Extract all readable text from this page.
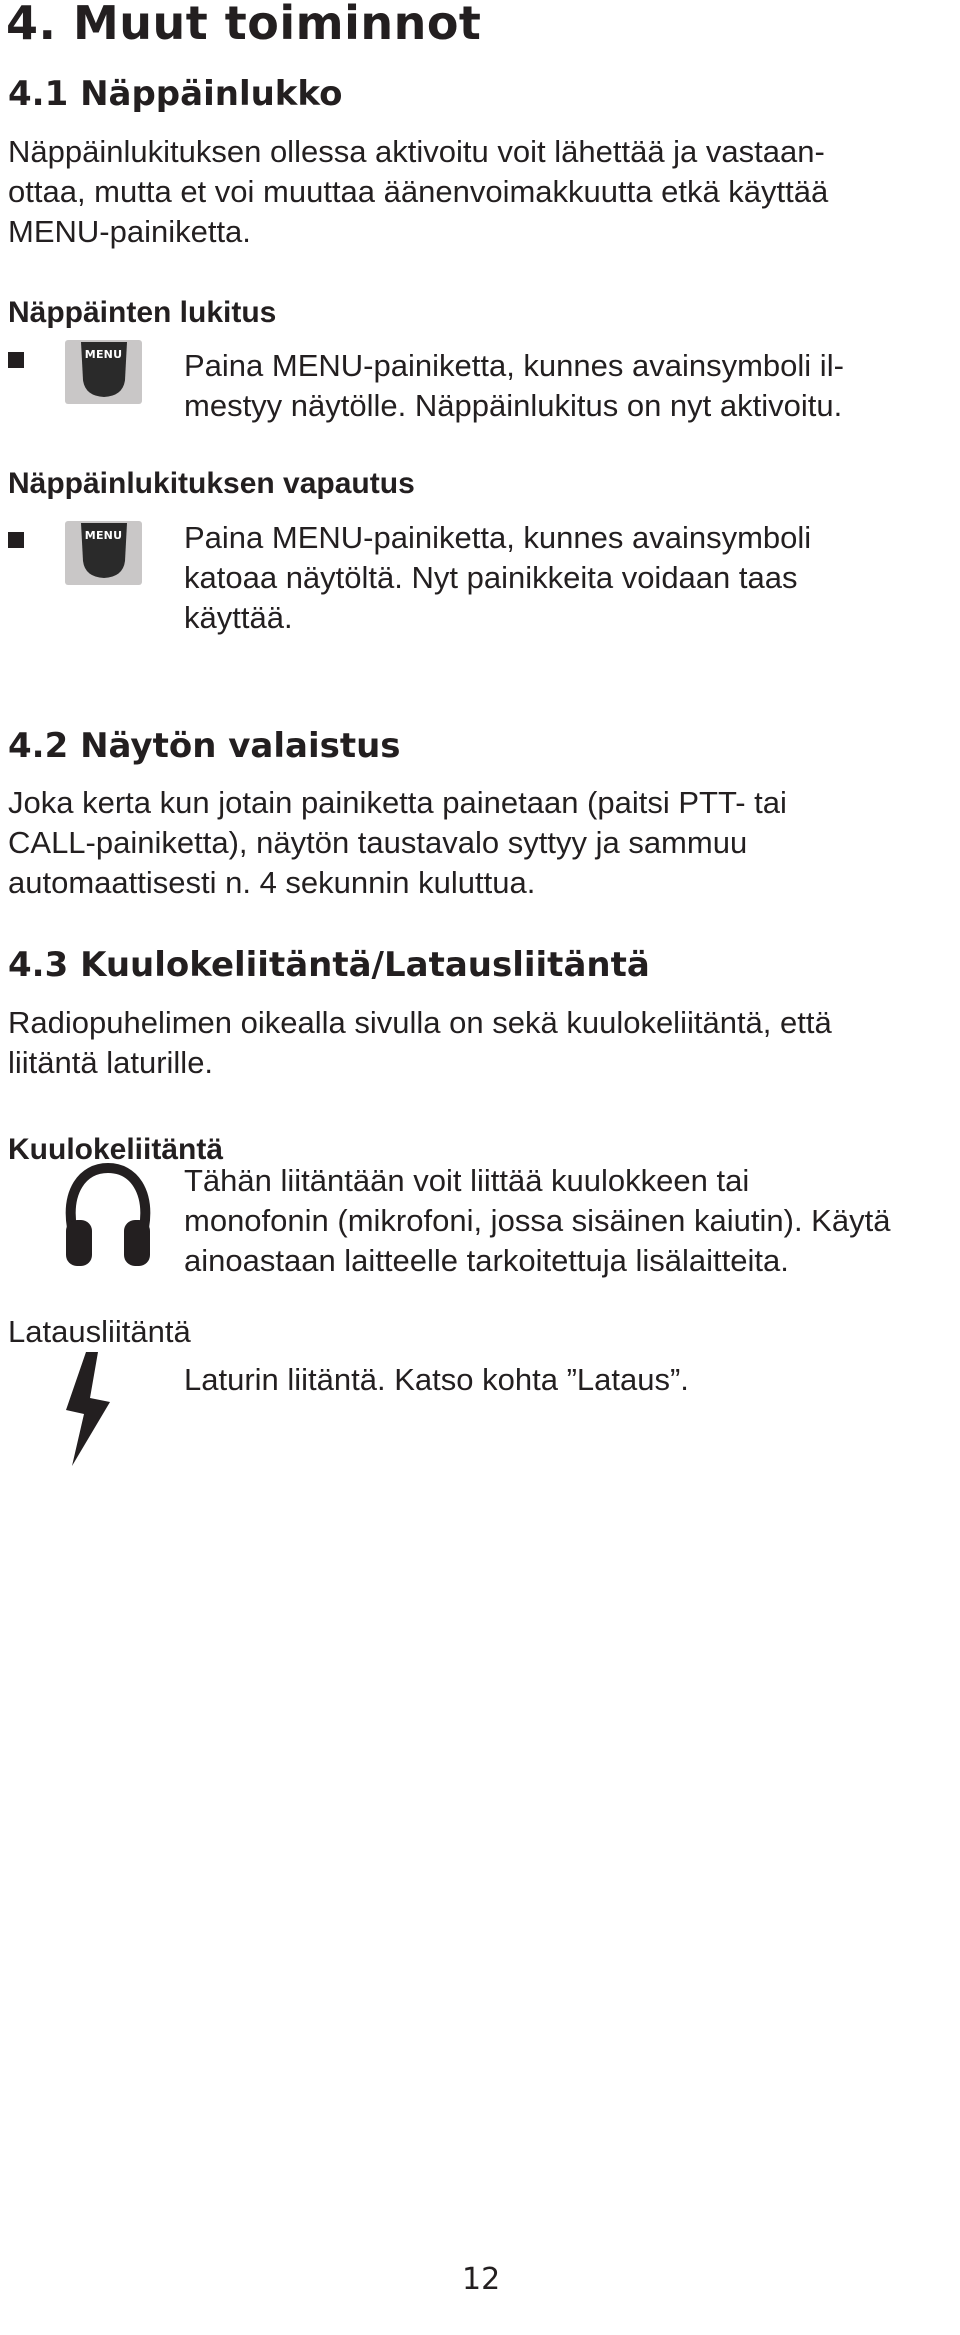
4. Muut toiminnot
4.1 Näppäinlukko

Näppäinlukituksen ollessa aktivoitu voit lähettää ja vastaan-
ottaa, mutta et voi muuttaa äänenvoimakkuutta etkä käyttää
MENU-painiketta.

Näppäinten lukitus
MENU	Paina MENU-painiketta, kunnes avainsymboli il-
mestyy näytölle. Näppäinlukitus on nyt aktivoitu.

Näppäinlukituksen vapautus
MENU	Paina MENU-painiketta, kunnes avainsymboli
katoaa näytöltä. Nyt painikkeita voidaan taas
käyttää.

4.2 Näytön valaistus

Joka kerta kun jotain painiketta painetaan (paitsi PTT- tai
CALL-painiketta), näytön taustavalo syttyy ja sammuu
automaattisesti n. 4 sekunnin kuluttua.

4.3 Kuulokeliitäntä/Latausliitäntä

Radiopuhelimen oikealla sivulla on sekä kuulokeliitäntä, että
liitäntä laturille.

Kuulokeliitäntä

Tähän liitäntään voit liittää kuulokkeen tai
monofonin (mikrofoni, jossa sisäinen kaiutin). Käytä
ainoastaan laitteelle tarkoitettuja lisälaitteita.

Latausliitäntä

Laturin liitäntä. Katso kohta ”Lataus”.

12
